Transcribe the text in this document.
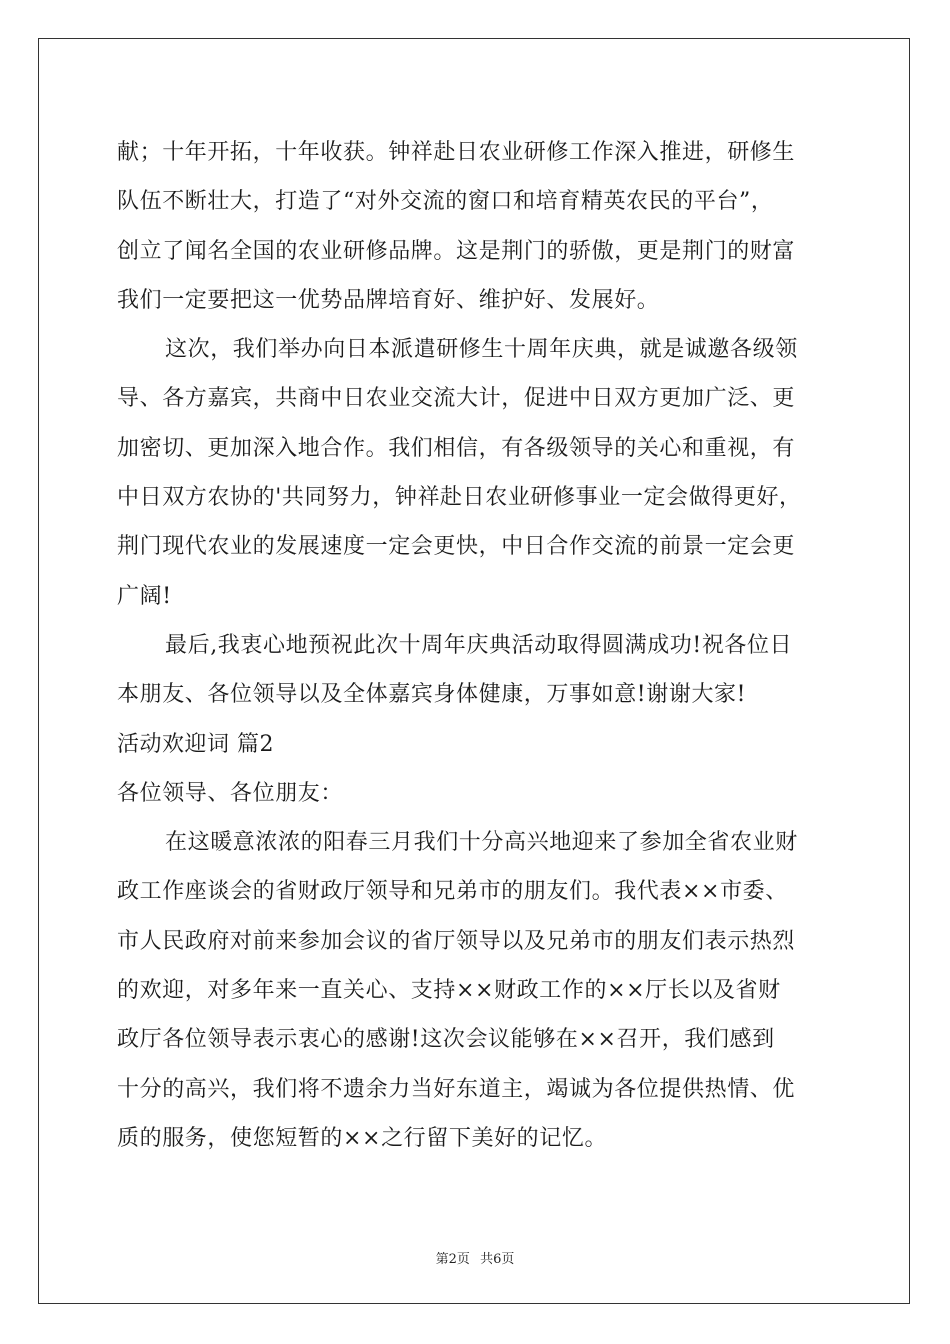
献；十年开拓，十年收获。钟祥赴日农业研修工作深入推进，研修生
队伍不断壮大，打造了“对外交流的窗口和培育精英农民的平台”，
创立了闻名全国的农业研修品牌。这是荆门的骄傲，更是荆门的财富
我们一定要把这一优势品牌培育好、维护好、发展好。
这次，我们举办向日本派遣研修生十周年庆典，就是诚邀各级领
导、各方嘉宾，共商中日农业交流大计，促进中日双方更加广泛、更
加密切、更加深入地合作。我们相信，有各级领导的关心和重视，有
中日双方农协的'共同努力，钟祥赴日农业研修事业一定会做得更好，
荆门现代农业的发展速度一定会更快，中日合作交流的前景一定会更
广阔!
最后,我衷心地预祝此次十周年庆典活动取得圆满成功!祝各位日
本朋友、各位领导以及全体嘉宾身体健康，万事如意!谢谢大家!
活动欢迎词 篇2
各位领导、各位朋友：
在这暖意浓浓的阳春三月我们十分高兴地迎来了参加全省农业财
政工作座谈会的省财政厅领导和兄弟市的朋友们。我代表××市委、
市人民政府对前来参加会议的省厅领导以及兄弟市的朋友们表示热烈
的欢迎，对多年来一直关心、支持××财政工作的××厅长以及省财
政厅各位领导表示衷心的感谢!这次会议能够在××召开，我们感到
十分的高兴，我们将不遗余力当好东道主，竭诚为各位提供热情、优
质的服务，使您短暂的××之行留下美好的记忆。
第2页 共6页
